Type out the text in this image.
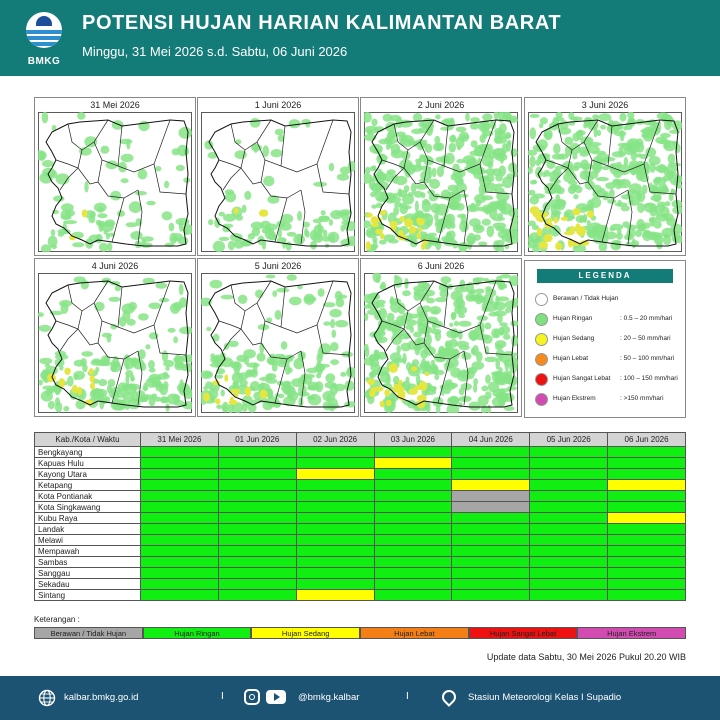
BMKG
POTENSI HUJAN HARIAN KALIMANTAN BARAT
Minggu, 31 Mei 2026 s.d. Sabtu, 06 Juni 2026
31 Mei 2026	1 Juni 2026	2 Juni 2026	3 Juni 2026
4 Juni 2026	5 Juni 2026	6 Juni 2026
LEGENDA
Berawan / Tidak Hujan
Hujan Ringan	: 0.5 – 20 mm/hari
Hujan Sedang	: 20 – 50 mm/hari
Hujan Lebat	: 50 – 100 mm/hari
Hujan Sangat Lebat : 100 – 150 mm/hari
Hujan Ekstrem	: >150 mm/hari
Kab./Kota / Waktu	31 Mei 2026	01 Jun 2026	02 Jun 2026	03 Jun 2026	04 Jun 2026	05 Jun 2026	06 Jun 2026
Bengkayang							
Kapuas Hulu							
Kayong Utara							
Ketapang							
Kota Pontianak							
Kota Singkawang							
Kubu Raya							
Landak							
Melawi							
Mempawah							
Sambas							
Sanggau							
Sekadau							
Sintang							
Keterangan :
Berawan / Tidak Hujan	Hujan Ringan	Hujan Sedang	Hujan Lebat	Hujan Sangat Lebat	Hujan Ekstrem
Update data Sabtu, 30 Mei 2026 Pukul 20.20 WIB
kalbar.bmkg.go.id	I	@bmkg.kalbar	I	Stasiun Meteorologi Kelas I Supadio
